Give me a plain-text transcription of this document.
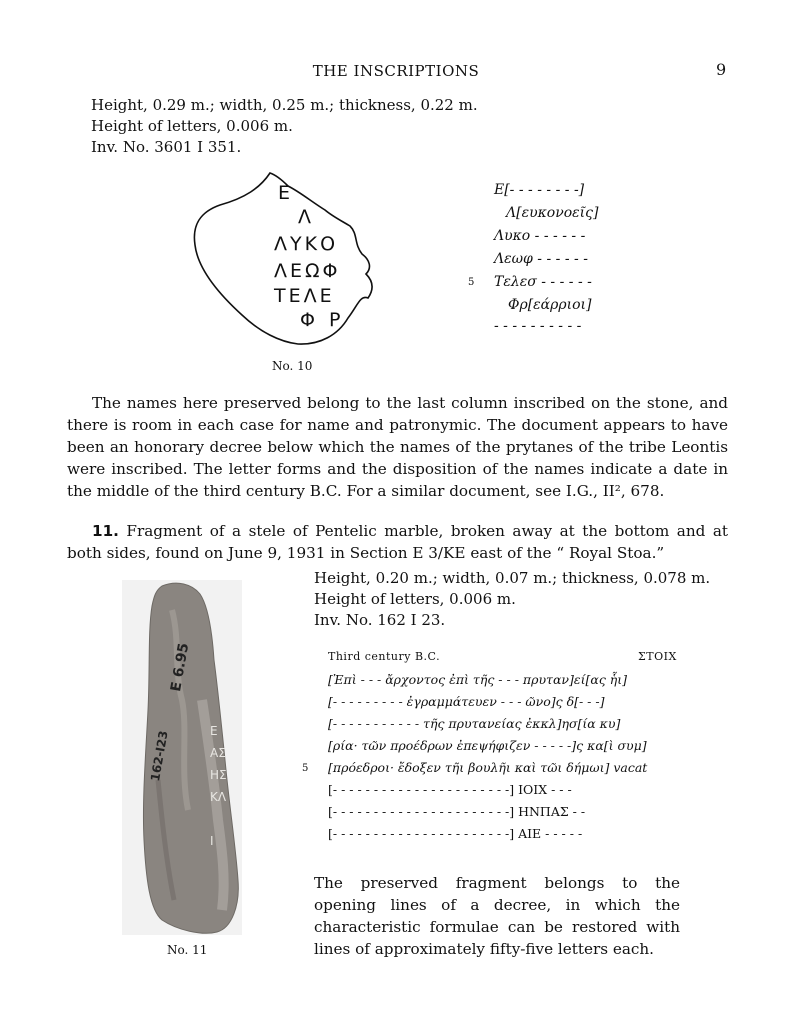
THE INSCRIPTIONS	9
Height, 0.29 m.; width, 0.25 m.; thickness, 0.22 m.
Height of letters, 0.006 m.
Inv. No. 3601 I 351.
Ε
Λ
ΛΥΚΟ
ΛΕΩΦ
ΤΕΛΕ
ΦΡ
No. 10
Ε[- - - - - - - -]
Λ[ευκονοεῖς]
Λυκο - - - - - -
Λεωφ - - - - - -
5 Τελεσ - - - - - -
Φρ[εάρριοι]
- - - - - - - - - -

The names here preserved belong to the last column inscribed on the stone, and there is room in each case for name and patronymic. The document appears to have been an honorary decree below which the names of the prytanes of the tribe Leontis were inscribed. The letter forms and the disposition of the names indicate a date in the middle of the third century B.C. For a similar document, see I.G., II², 678.

11. Fragment of a stele of Pentelic marble, broken away at the bottom and at both sides, found on June 9, 1931 in Section Ε 3/ΚΕ east of the “ Royal Stoa.”

Ε 6.95
162-Ι23	Ε
ΑΣ
ΗΣ
ΚΛ

Ι
No. 11
Height, 0.20 m.; width, 0.07 m.; thickness, 0.078 m.
Height of letters, 0.006 m.
Inv. No. 162 I 23.
Third century B.C.	ΣΤΟΙΧ
[Ἐπὶ - - - ἄρχοντος ἐπὶ τῆς - - - πρυταν]εί[ας ἧι]
[- - - - - - - - - ἐγραμμάτευεν - - - ῶνο]ς δ[- - -]
[- - - - - - - - - - - τῆς πρυτανείας ἐκκλ]ησ[ία κυ]
[ρία· τῶν προέδρων ἐπεψήφιζεν - - - - -]ς κα[ὶ συμ]
5 [πρόεδροι· ἔδοξεν τῆι βουλῆι καὶ τῶι δήμωι] vacat
[- - - - - - - - - - - - - - - - - - - - - -] ΙΟΙΧ - - -
[- - - - - - - - - - - - - - - - - - - - - -] ΗΝΠΑΣ - -
[- - - - - - - - - - - - - - - - - - - - - -] ΑΙΕ - - - - -

The preserved fragment belongs to the opening lines of a decree, in which the characteristic formulae can be restored with lines of approximately fifty-five letters each.
